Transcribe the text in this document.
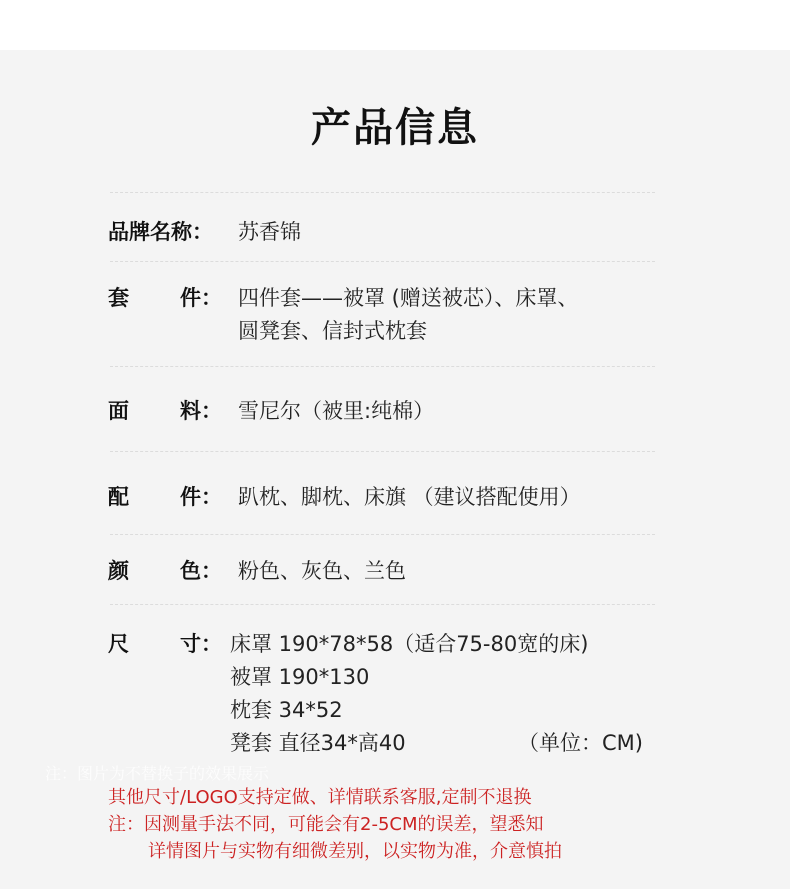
产品信息
品牌名称： 苏香锦
套 件： 四件套——被罩 (赠送被芯）、床罩、
圆凳套、信封式枕套
面 料： 雪尼尔（被里:纯棉）
配 件： 趴枕、脚枕、床旗 （建议搭配使用）
颜 色： 粉色、灰色、兰色
尺 寸： 床罩 190*78*58（适合75-80宽的床)
被罩 190*130
枕套 34*52
凳套 直径34*高40	（单位：CM)
注：图片为不替换子的效果展示
其他尺寸/LOGO支持定做、详情联系客服,定制不退换
注：因测量手法不同，可能会有2-5CM的误差，望悉知
详情图片与实物有细微差别，以实物为准，介意慎拍
